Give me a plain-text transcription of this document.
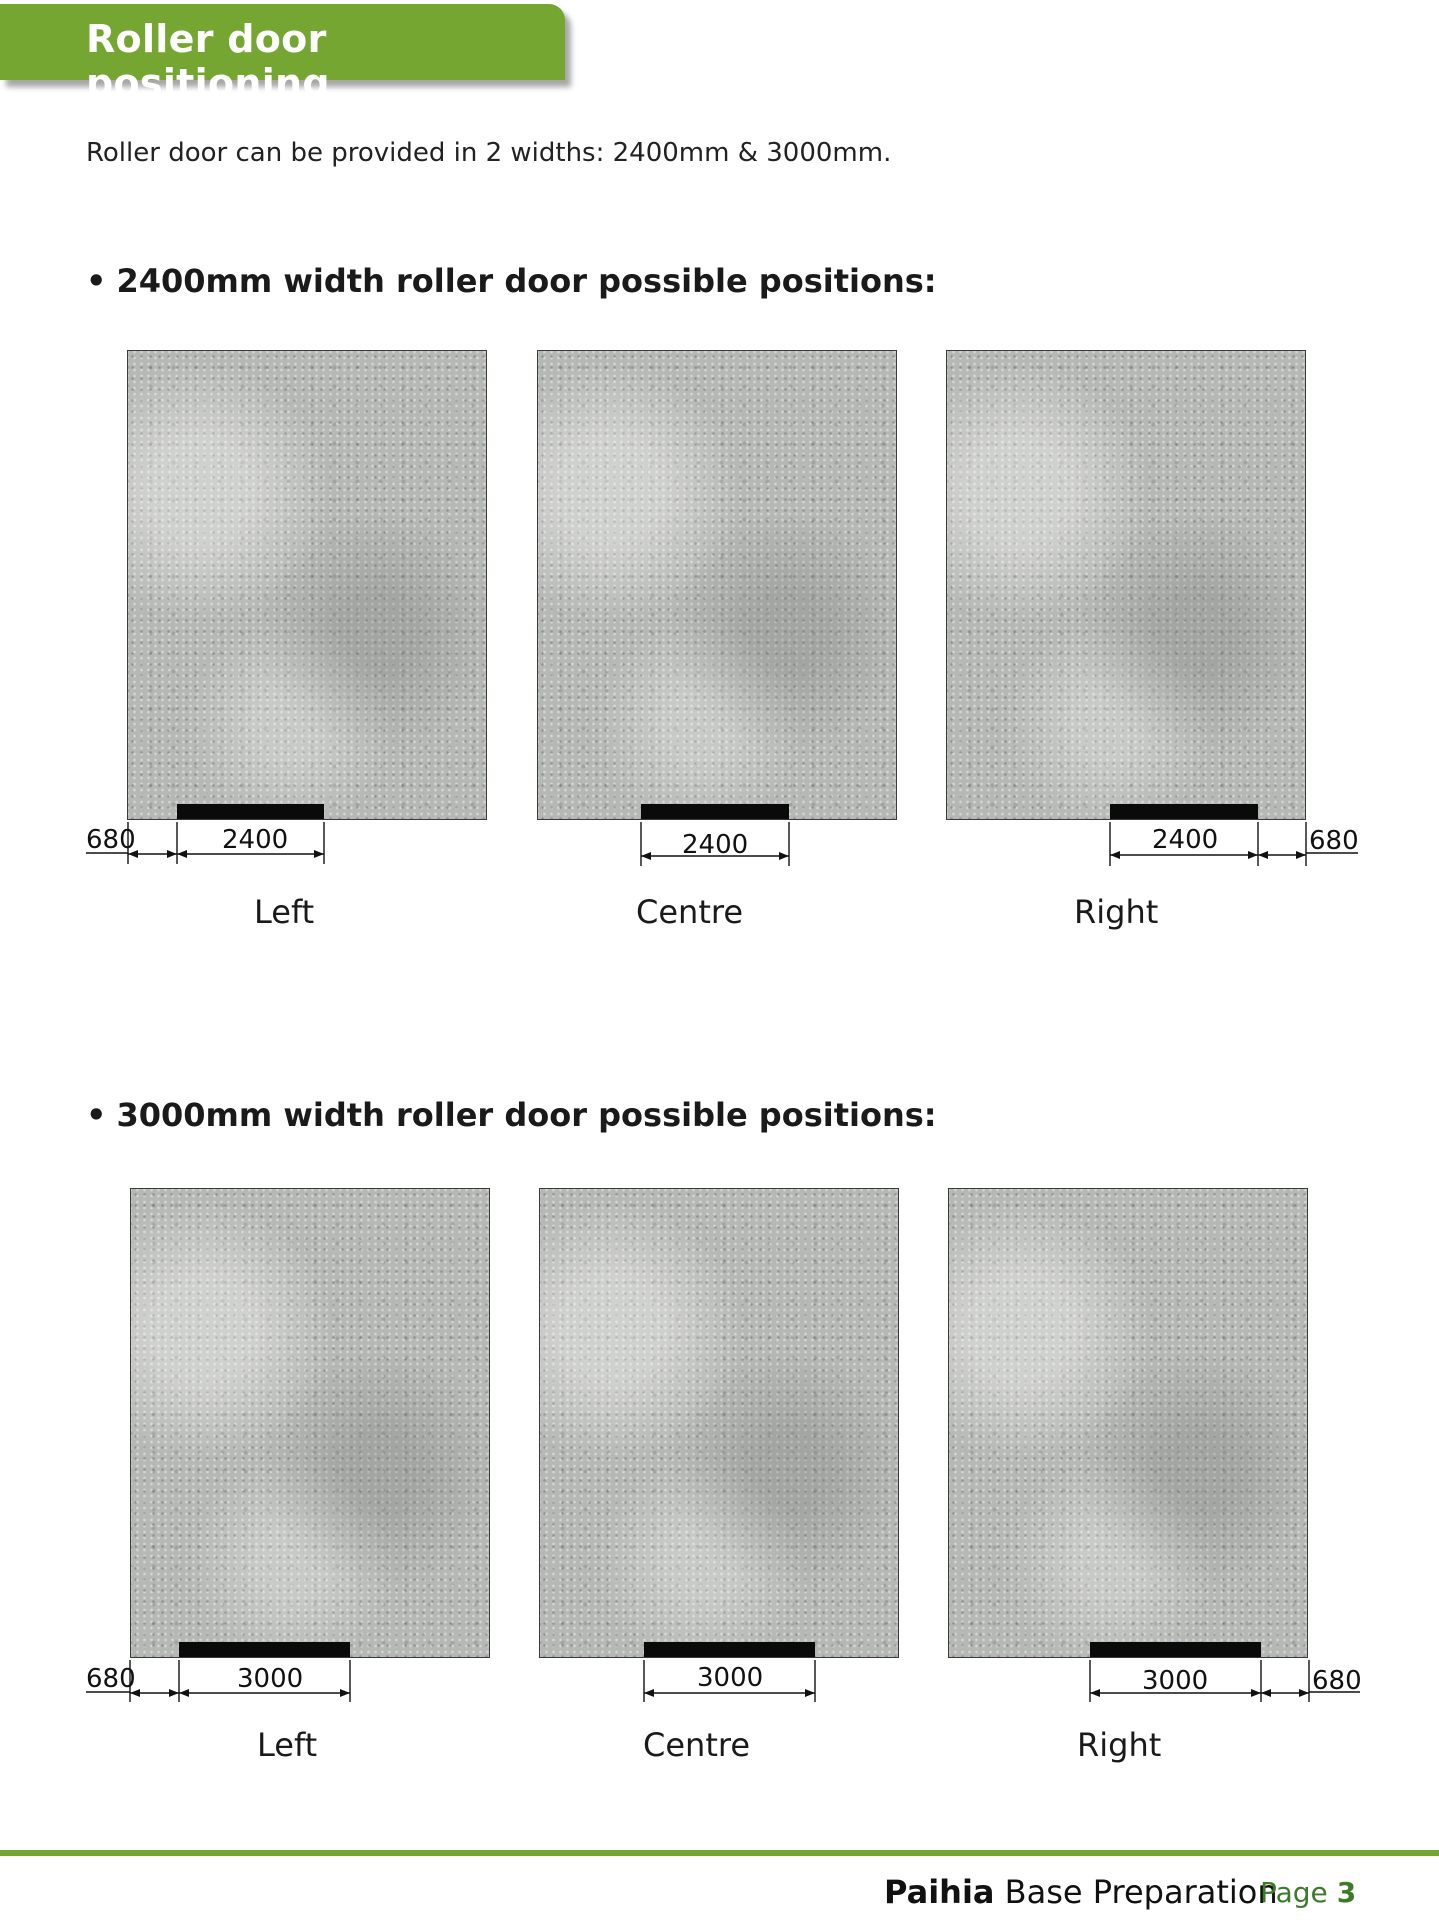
Roller door positioning
Roller door can be provided in 2 widths: 2400mm & 3000mm.
• 2400mm width roller door possible positions:
• 3000mm width roller door possible positions:
680	2400	2400	2400	680
680	3000	3000	3000	680
Left	Centre	Right
Left	Centre	Right
Paihia Base Preparation
Page 3
